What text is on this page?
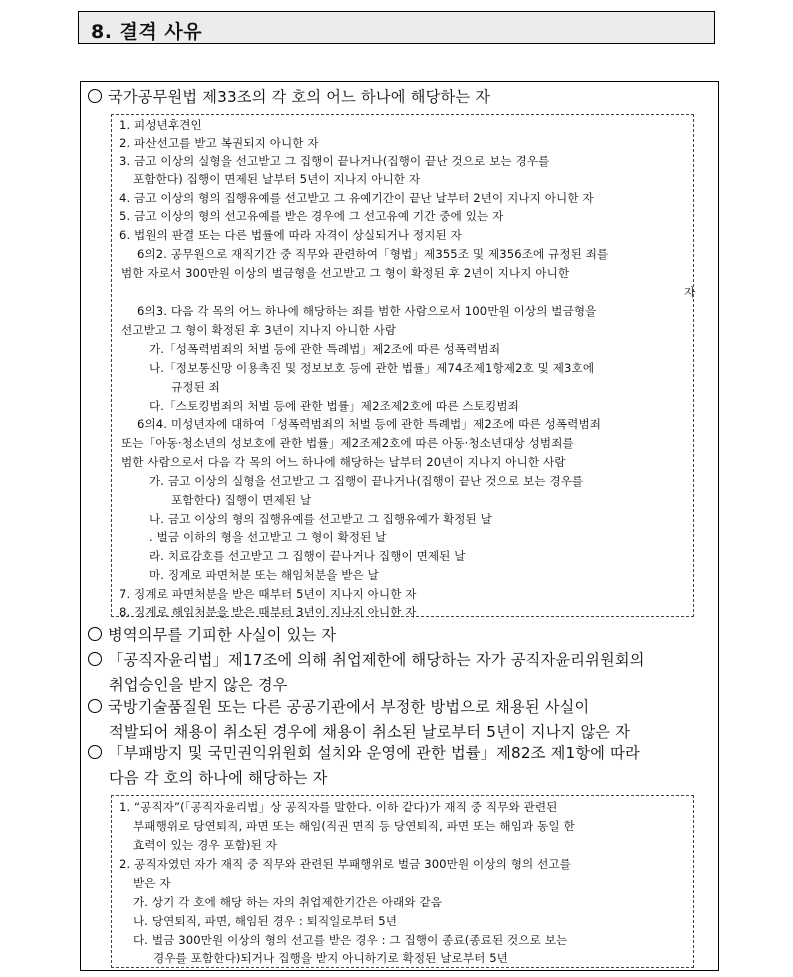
8. 결격 사유
국가공무원법 제33조의 각 호의 어느 하나에 해당하는 자
1. 피성년후견인
2. 파산선고를 받고 복권되지 아니한 자
3. 금고 이상의 실형을 선고받고 그 집행이 끝나거나(집행이 끝난 것으로 보는 경우를
포함한다) 집행이 면제된 날부터 5년이 지나지 아니한 자
4. 금고 이상의 형의 집행유예를 선고받고 그 유예기간이 끝난 날부터 2년이 지나지 아니한 자
5. 금고 이상의 형의 선고유예를 받은 경우에 그 선고유예 기간 중에 있는 자
6. 법원의 판결 또는 다른 법률에 따라 자격이 상실되거나 정지된 자
6의2. 공무원으로 재직기간 중 직무와 관련하여「형법」제355조 및 제356조에 규정된 죄를
범한 자로서 300만원 이상의 벌금형을 선고받고 그 형이 확정된 후 2년이 지나지 아니한
자
6의3. 다음 각 목의 어느 하나에 해당하는 죄를 범한 사람으로서 100만원 이상의 벌금형을
선고받고 그 형이 확정된 후 3년이 지나지 아니한 사람
가.「성폭력범죄의 처벌 등에 관한 특례법」제2조에 따른 성폭력범죄
나.「정보통신망 이용촉진 및 정보보호 등에 관한 법률」제74조제1항제2호 및 제3호에
규정된 죄
다.「스토킹범죄의 처벌 등에 관한 법률」제2조제2호에 따른 스토킹범죄
6의4. 미성년자에 대하여「성폭력범죄의 처벌 등에 관한 특례법」제2조에 따른 성폭력범죄
또는「아동·청소년의 성보호에 관한 법률」제2조제2호에 따른 아동·청소년대상 성범죄를
범한 사람으로서 다음 각 목의 어느 하나에 해당하는 날부터 20년이 지나지 아니한 사람
가. 금고 이상의 실형을 선고받고 그 집행이 끝나거나(집행이 끝난 것으로 보는 경우를
포함한다) 집행이 면제된 날
나. 금고 이상의 형의 집행유예를 선고받고 그 집행유예가 확정된 날
. 벌금 이하의 형을 선고받고 그 형이 확정된 날
라. 치료감호를 선고받고 그 집행이 끝나거나 집행이 면제된 날
마. 징계로 파면처분 또는 해임처분을 받은 날
7. 징계로 파면처분을 받은 때부터 5년이 지나지 아니한 자
8. 징계로 해임처분을 받은 때부터 3년이 지나지 아니한 자
병역의무를 기피한 사실이 있는 자
「공직자윤리법」제17조에 의해 취업제한에 해당하는 자가 공직자윤리위원회의
취업승인을 받지 않은 경우
국방기술품질원 또는 다른 공공기관에서 부정한 방법으로 채용된 사실이
적발되어 채용이 취소된 경우에 채용이 취소된 날로부터 5년이 지나지 않은 자
「부패방지 및 국민권익위원회 설치와 운영에 관한 법률」제82조 제1항에 따라
다음 각 호의 하나에 해당하는 자
1. “공직자”(「공직자윤리법」상 공직자를 말한다. 이하 같다)가 재직 중 직무와 관련된
부패행위로 당연퇴직, 파면 또는 해임(직권 면직 등 당연퇴직, 파면 또는 해임과 동일 한
효력이 있는 경우 포함)된 자
2. 공직자였던 자가 재직 중 직무와 관련된 부패행위로 벌금 300만원 이상의 형의 선고를
받은 자
가. 상기 각 호에 해당 하는 자의 취업제한기간은 아래와 같음
나. 당연퇴직, 파면, 해임된 경우 : 퇴직일로부터 5년
다. 벌금 300만원 이상의 형의 선고를 받은 경우 : 그 집행이 종료(종료된 것으로 보는
경우를 포함한다)되거나 집행을 받지 아니하기로 확정된 날로부터 5년
